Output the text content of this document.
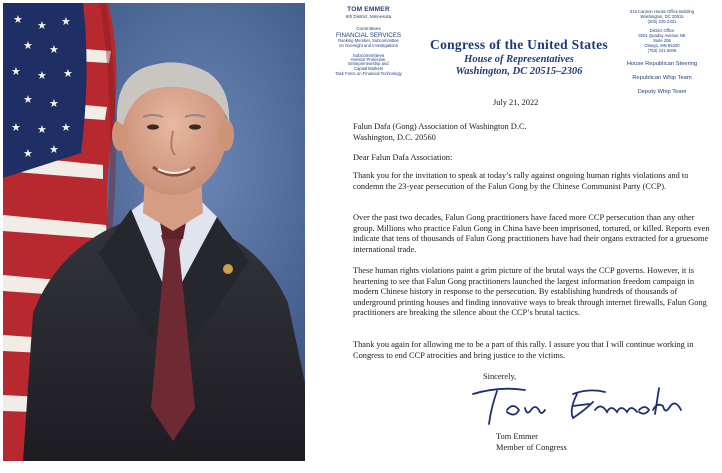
★ ★ ★
★ ★
★ ★ ★
★ ★
★ ★ ★
★ ★
TOM EMMER
6th District, Minnesota
Committees
FINANCIAL SERVICES
Ranking Member, Subcommittee
on Oversight and Investigations
Subcommittees
Investor Protection,
Entrepreneurship and
Capital Markets
Task Force on Financial Technology
Congress of the United States
House of Representatives
Washington, DC 20515–2306
315 Cannon House Office Building
Washington, DC 20515
(202) 225-2331
District Office
9201 Quaday Avenue NE
Suite 206
Otsego, MN 55330
(763) 241-6848
House Republican Steering
Republican Whip Team
Deputy Whip Team
July 21, 2022
Falun Dafa (Gong) Association of Washington D.C.
Washington, D.C. 20560
Dear Falun Dafa Association:

Thank you for the invitation to speak at today’s rally against ongoing human rights violations and to condemn the 23-year persecution of the Falun Gong by the Chinese Communist Party (CCP).

Over the past two decades, Falun Gong practitioners have faced more CCP persecution than any other group. Millions who practice Falun Gong in China have been imprisoned, tortured, or killed. Reports even indicate that tens of thousands of Falun Gong practitioners have had their organs extracted for a gruesome international trade.

These human rights violations paint a grim picture of the brutal ways the CCP governs. However, it is heartening to see that Falun Gong practitioners launched the largest information freedom campaign in modern Chinese history in response to the persecution. By establishing hundreds of thousands of underground printing houses and finding innovative ways to break through internet firewalls, Falun Gong practitioners are breaking the silence about the CCP’s brutal tactics.

Thank you again for allowing me to be a part of this rally. I assure you that I will continue working in Congress to end CCP atrocities and bring justice to the victims.

Sincerely,
Tom Emmer
Member of Congress
